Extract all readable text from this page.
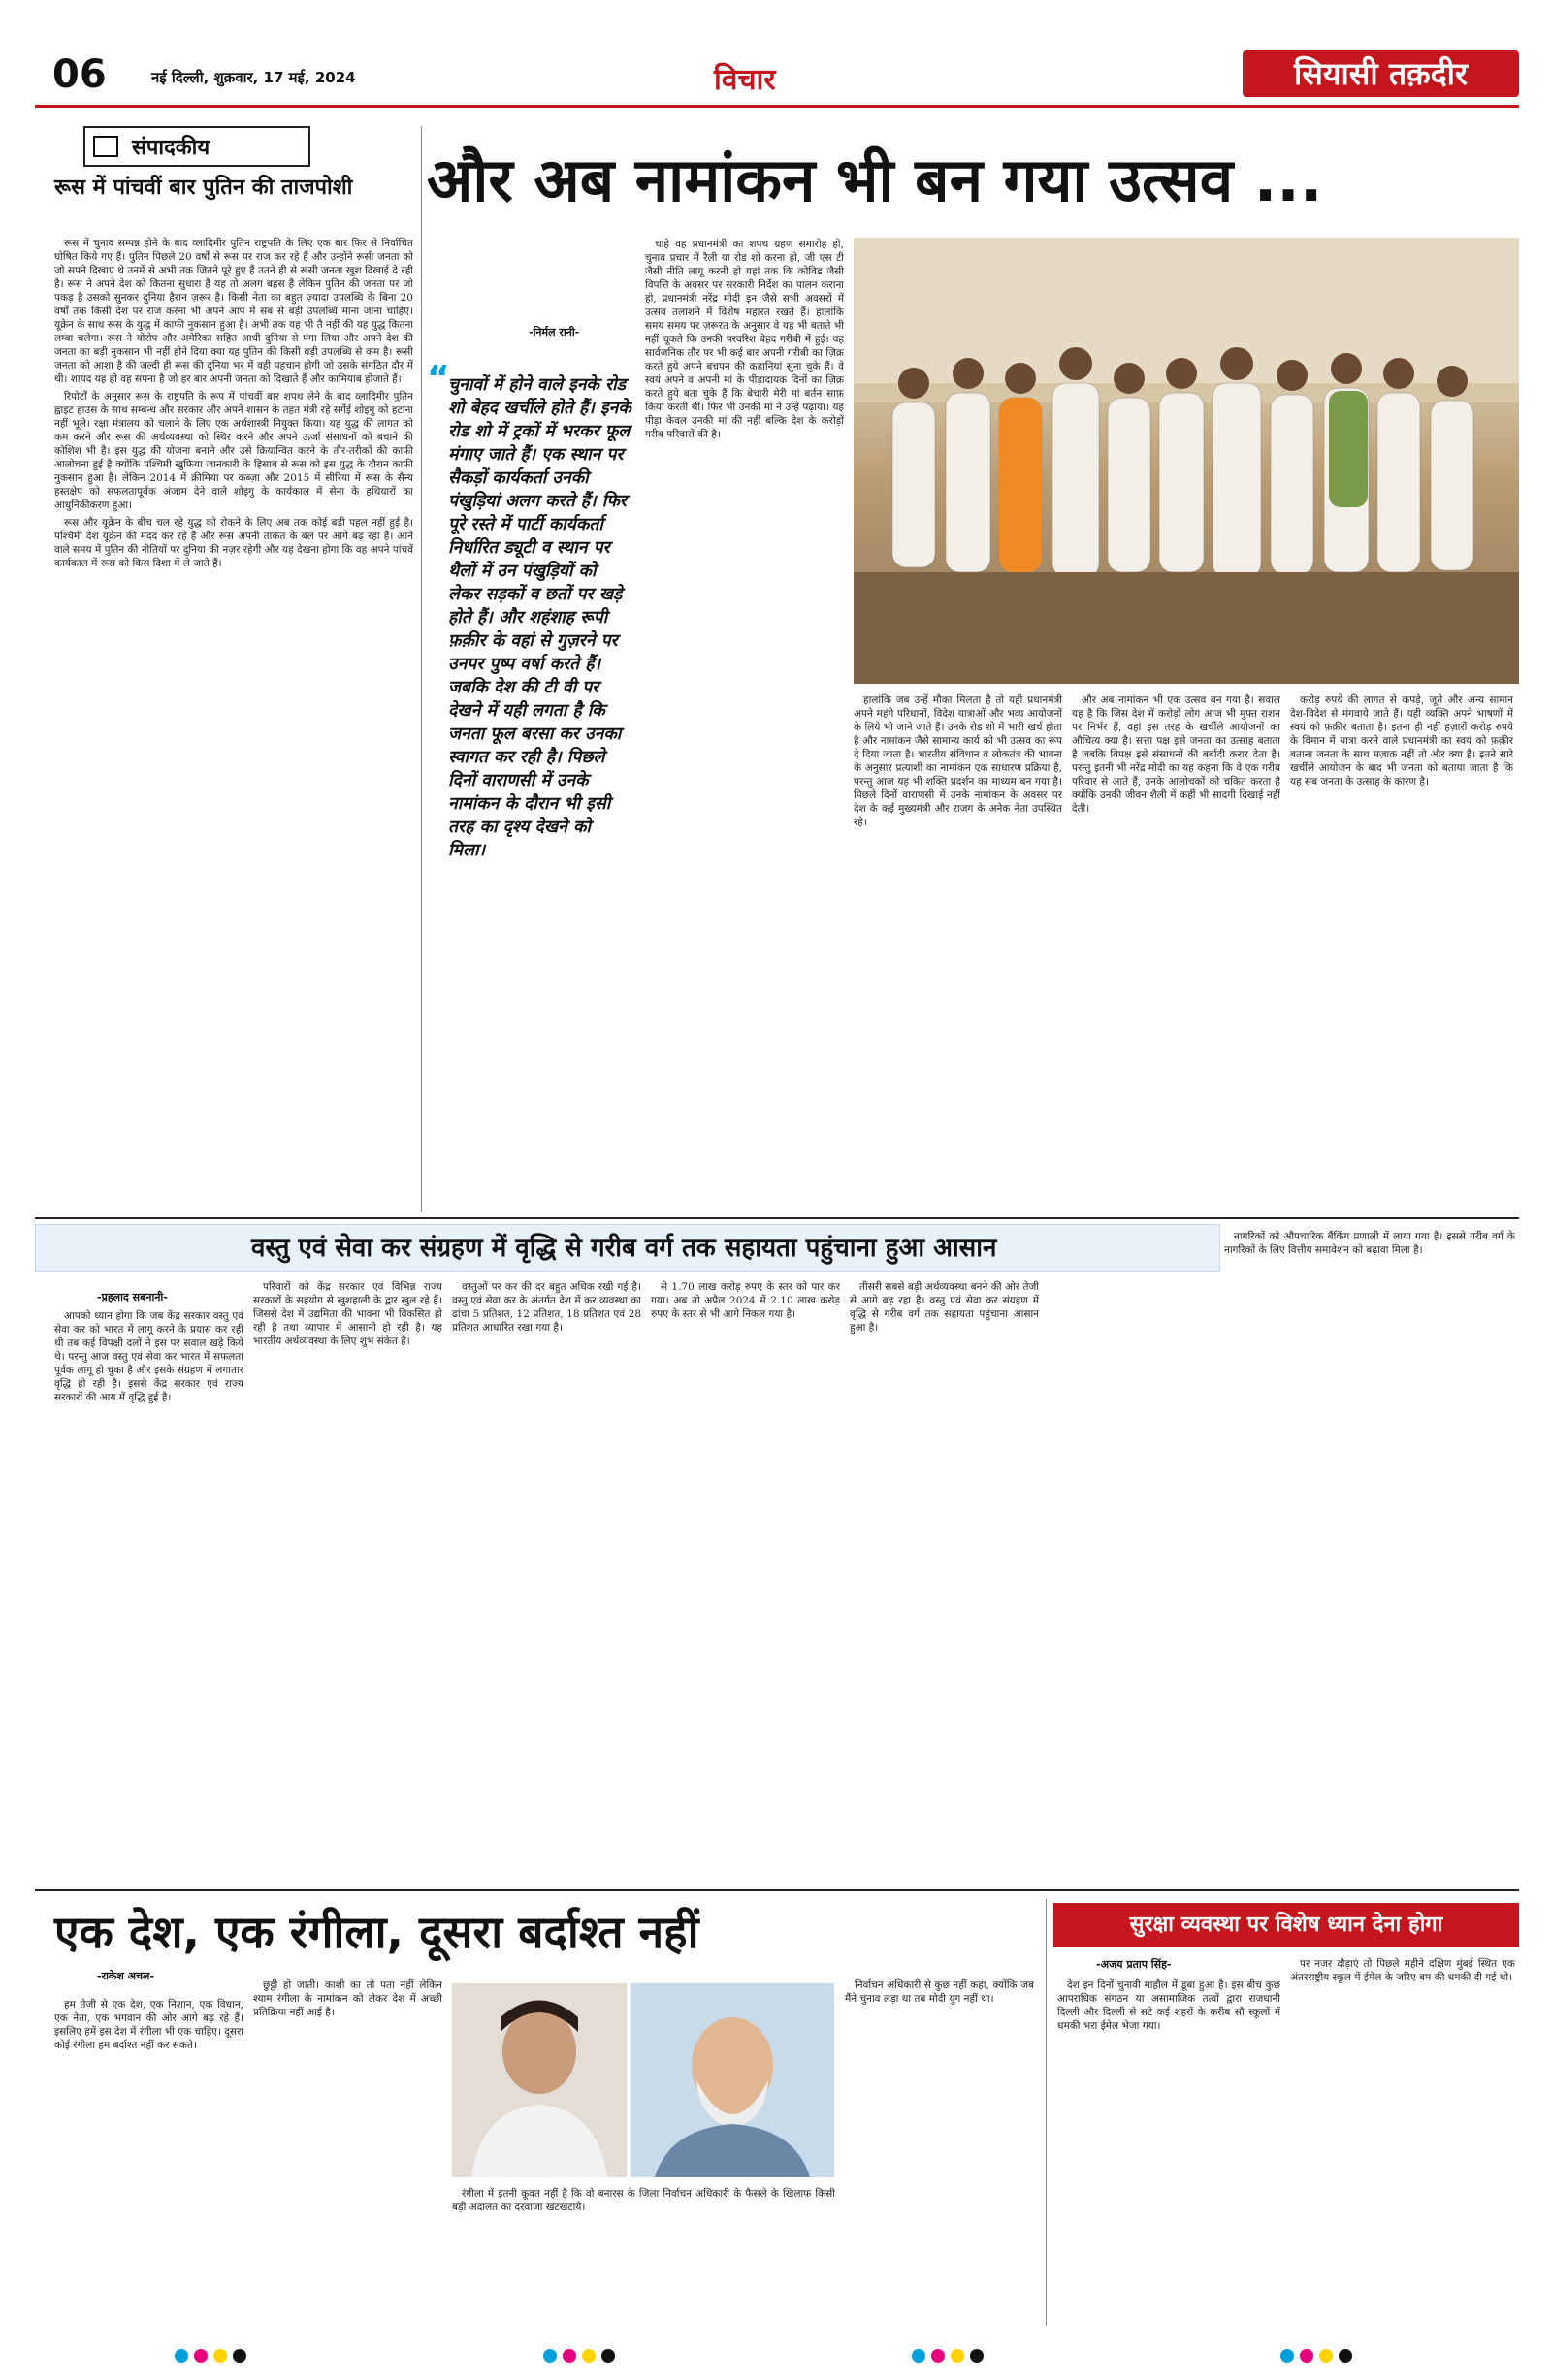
06	नई दिल्ली, शुक्रवार, 17 मई, 2024	विचार	सियासी तक़दीर
संपादकीय
रूस में पांचवीं बार पुतिन की ताजपोशी

रूस में चुनाव सम्पन्न होने के बाद व्लादिमीर पुतिन राष्ट्रपति के लिए एक बार फिर से निर्वाचित घोषित किये गए हैं। पुतिन पिछले 20 वर्षों से रूस पर राज कर रहे हैं और उन्होंने रूसी जनता को जो सपने दिखाए थे उनमें से अभी तक जितने पूरे हुए हैं उतने ही से रूसी जनता खुश दिखाई दे रही है। रूस ने अपने देश को कितना सुधारा है यह तो अलग बहस है लेकिन पुतिन की जनता पर जो पकड़ है उसको सुनकर दुनिया हैरान ज़रूर है। किसी नेता का बहुत ज़्यादा उपलब्धि के बिना 20 वर्षों तक किसी देश पर राज करना भी अपने आप में सब से बड़ी उपलब्धि माना जाना चाहिए। यूक्रेन के साथ रूस के युद्ध में काफी नुकसान हुआ है। अभी तक यह भी तै नहीं की यह युद्ध कितना लम्बा चलेगा। रूस ने योरोप और अमेरिका सहित आधी दुनिया से पंगा लिया और अपने देश की जनता का बड़ी नुकसान भी नहीं होने दिया क्या यह पुतिन की किसी बड़ी उपलब्धि से कम है। रूसी जनता को आशा है की जल्दी ही रूस की दुनिया भर में वही पहचान होगी जो उसके संगठित दौर में थी। शायद यह ही वह सपना है जो हर बार अपनी जनता को दिखाते हैं और कामियाब होजाते हैं।

रिपोर्टों के अनुसार रूस के राष्ट्रपति के रूप में पांचवीं बार शपथ लेने के बाद व्लादिमीर पुतिन ह्वाइट हाउस के साथ सम्बन्ध और सरकार और अपने शासन के तहत मंत्री रहे सर्गेई शोइगु को हटाना नहीं भूले। रक्षा मंत्रालय को चलाने के लिए एक अर्थशास्त्री नियुक्त किया। यह युद्ध की लागत को कम करने और रूस की अर्थव्यवस्था को स्थिर करने और अपने ऊर्जा संसाधनों को बचाने की कोशिश भी है। इस युद्ध की योजना बनाने और उसे क्रियान्वित करने के तौर-तरीकों की काफी आलोचना हुई है क्योंकि पश्चिमी खुफिया जानकारी के हिसाब से रूस को इस युद्ध के दौरान काफी नुकसान हुआ है। लेकिन 2014 में क्रीमिया पर कब्ज़ा और 2015 में सीरिया में रूस के सैन्य हस्तक्षेप को सफलतापूर्वक अंजाम देने वाले शोइगु के कार्यकाल में सेना के हथियारों का आधुनिकीकरण हुआ।

रूस और यूक्रेन के बीच चल रहे युद्ध को रोकने के लिए अब तक कोई बड़ी पहल नहीं हुई है। पश्चिमी देश यूक्रेन की मदद कर रहे हैं और रूस अपनी ताकत के बल पर आगे बढ़ रहा है। आने वाले समय में पुतिन की नीतियों पर दुनिया की नज़र रहेगी और यह देखना होगा कि वह अपने पांचवें कार्यकाल में रूस को किस दिशा में ले जाते हैं।

और अब नामांकन भी बन गया उत्सव ...
-निर्मल रानी-
“
चुनावों में होने वाले इनके रोड शो बेहद खर्चीले होते हैं। इनके रोड शो में ट्रकों में भरकर फूल मंगाए जाते हैं। एक स्थान पर सैकड़ों कार्यकर्ता उनकी पंखुड़ियां अलग करते हैं। फिर पूरे रस्ते में पार्टी कार्यकर्ता निर्धारित ड्यूटी व स्थान पर थैलों में उन पंखुड़ियों को लेकर सड़कों व छतों पर खड़े होते हैं। और शहंशाह रूपी फ़क़ीर के वहां से गुज़रने पर उनपर पुष्प वर्षा करते हैं। जबकि देश की टी वी पर देखने में यही लगता है कि जनता फूल बरसा कर उनका स्वागत कर रही है। पिछले दिनों वाराणसी में उनके नामांकन के दौरान भी इसी तरह का दृश्य देखने को मिला।

चाहे वह प्रधानमंत्री का शपथ ग्रहण समारोह हो, चुनाव प्रचार में रैली या रोड शो करना हो, जी एस टी जैसी नीति लागू करनी हो यहां तक कि कोविड जैसी विपत्ति के अवसर पर सरकारी निर्देश का पालन कराना हो, प्रधानमंत्री नरेंद्र मोदी इन जैसे सभी अवसरों में उत्सव तलाशने में विशेष महारत रखते हैं। हालांकि समय समय पर ज़रूरत के अनुसार वे यह भी बताते भी नहीं चूकते कि उनकी परवरिश बेहद गरीबी में हुई। वह सार्वजनिक तौर पर भी कई बार अपनी गरीबी का ज़िक्र करते हुये अपने बचपन की कहानियां सुना चुके हैं। वे स्वयं अपने व अपनी मां के पीड़ादायक दिनों का ज़िक्र करते हुये बता चुके हैं कि बेचारी मेरी मां बर्तन साफ़ किया करती थीं। फिर भी उनकी मां ने उन्हें पढ़ाया। यह पीड़ा केवल उनकी मां की नहीं बल्कि देश के करोड़ों गरीब परिवारों की है।

हालांकि जब उन्हें मौका मिलता है तो यही प्रधानमंत्री अपने महंगे परिधानों, विदेश यात्राओं और भव्य आयोजनों के लिये भी जाने जाते हैं। उनके रोड शो में भारी खर्च होता है और नामांकन जैसे सामान्य कार्य को भी उत्सव का रूप दे दिया जाता है। भारतीय संविधान व लोकतंत्र की भावना के अनुसार प्रत्याशी का नामांकन एक साधारण प्रक्रिया है, परन्तु आज यह भी शक्ति प्रदर्शन का माध्यम बन गया है। पिछले दिनों वाराणसी में उनके नामांकन के अवसर पर देश के कई मुख्यमंत्री और राजग के अनेक नेता उपस्थित रहे।

और अब नामांकन भी एक उत्सव बन गया है। सवाल यह है कि जिस देश में करोड़ों लोग आज भी मुफ्त राशन पर निर्भर हैं, वहां इस तरह के खर्चीले आयोजनों का औचित्य क्या है। सत्ता पक्ष इसे जनता का उत्साह बताता है जबकि विपक्ष इसे संसाधनों की बर्बादी करार देता है। परन्तु इतनी भी नरेंद्र मोदी का यह कहना कि वे एक गरीब परिवार से आते हैं, उनके आलोचकों को चकित करता है क्योंकि उनकी जीवन शैली में कहीं भी सादगी दिखाई नहीं देती।

करोड़ रुपये की लागत से कपड़े, जूते और अन्य सामान देश-विदेश से मंगवाये जाते हैं। यही व्यक्ति अपने भाषणों में स्वयं को फ़क़ीर बताता है। इतना ही नहीं हज़ारों करोड़ रुपये के विमान में यात्रा करने वाले प्रधानमंत्री का स्वयं को फ़क़ीर बताना जनता के साथ मज़ाक़ नहीं तो और क्या है। इतने सारे खर्चीले आयोजन के बाद भी जनता को बताया जाता है कि यह सब जनता के उत्साह के कारण है।

वस्तु एवं सेवा कर संग्रहण में वृद्धि से गरीब वर्ग तक सहायता पहुंचाना हुआ आसान
-प्रहलाद सबनानी-

आपको ध्यान होगा कि जब केंद्र सरकार वस्तु एवं सेवा कर को भारत में लागू करने के प्रयास कर रही थी तब कई विपक्षी दलों ने इस पर सवाल खड़े किये थे। परन्तु आज वस्तु एवं सेवा कर भारत में सफलता पूर्वक लागू हो चुका है और इसके संग्रहण में लगातार वृद्धि हो रही है। इससे केंद्र सरकार एवं राज्य सरकारों की आय में वृद्धि हुई है।

परिवारों को केंद्र सरकार एवं विभिन्न राज्य सरकारों के सहयोग से खुशहाली के द्वार खुल रहे हैं। जिससे देश में उद्यमिता की भावना भी विकसित हो रही है तथा व्यापार में आसानी हो रही है। यह भारतीय अर्थव्यवस्था के लिए शुभ संकेत है।

वस्तुओं पर कर की दर बहुत अधिक रखी गई है। वस्तु एवं सेवा कर के अंतर्गत देश में कर व्यवस्था का ढांचा 5 प्रतिशत, 12 प्रतिशत, 18 प्रतिशत एवं 28 प्रतिशत आधारित रखा गया है।

से 1.70 लाख करोड़ रुपए के स्तर को पार कर गया। अब तो अप्रैल 2024 में 2.10 लाख करोड़ रुपए के स्तर से भी आगे निकल गया है।

तीसरी सबसे बड़ी अर्थव्यवस्था बनने की ओर तेजी से आगे बढ़ रहा है। वस्तु एवं सेवा कर संग्रहण में वृद्धि से गरीब वर्ग तक सहायता पहुंचाना आसान हुआ है।

नागरिकों को औपचारिक बैंकिंग प्रणाली में लाया गया है। इससे गरीब वर्ग के नागरिकों के लिए वित्तीय समावेशन को बढ़ावा मिला है।

एक देश, एक रंगीला, दूसरा बर्दाश्त नहीं
-राकेश अचल-

हम तेजी से एक देश, एक निशान, एक विधान, एक नेता, एक भगवान की ओर आगे बढ़ रहे हैं। इसलिए हमें इस देश में रंगीला भी एक चाहिए। दूसरा कोई रंगीला हम बर्दाश्त नहीं कर सकते।

छुट्टी हो जाती। काशी का तो पता नहीं लेकिन श्याम रंगीला के नामांकन को लेकर देश में अच्छी प्रतिक्रिया नहीं आई है।

रंगीला में इतनी कूवत नहीं है कि वो बनारस के जिला निर्वाचन अधिकारी के फैसले के खिलाफ किसी बड़ी अदालत का दरवाजा खटखटाये।

निर्वाचन अधिकारी से कुछ नहीं कहा, क्योंकि जब मैंने चुनाव लड़ा था तब मोदी युग नहीं था।

सुरक्षा व्यवस्था पर विशेष ध्यान देना होगा
-अजय प्रताप सिंह-

देश इन दिनों चुनावी माहौल में डूबा हुआ है। इस बीच कुछ आपराधिक संगठन या असामाजिक तत्वों द्वारा राजधानी दिल्ली और दिल्ली से सटे कई शहरों के करीब सौ स्कूलों में धमकी भरा ईमेल भेजा गया।

पर नजर दौड़ाएं तो पिछले महीने दक्षिण मुंबई स्थित एक अंतरराष्ट्रीय स्कूल में ईमेल के जरिए बम की धमकी दी गई थी।
